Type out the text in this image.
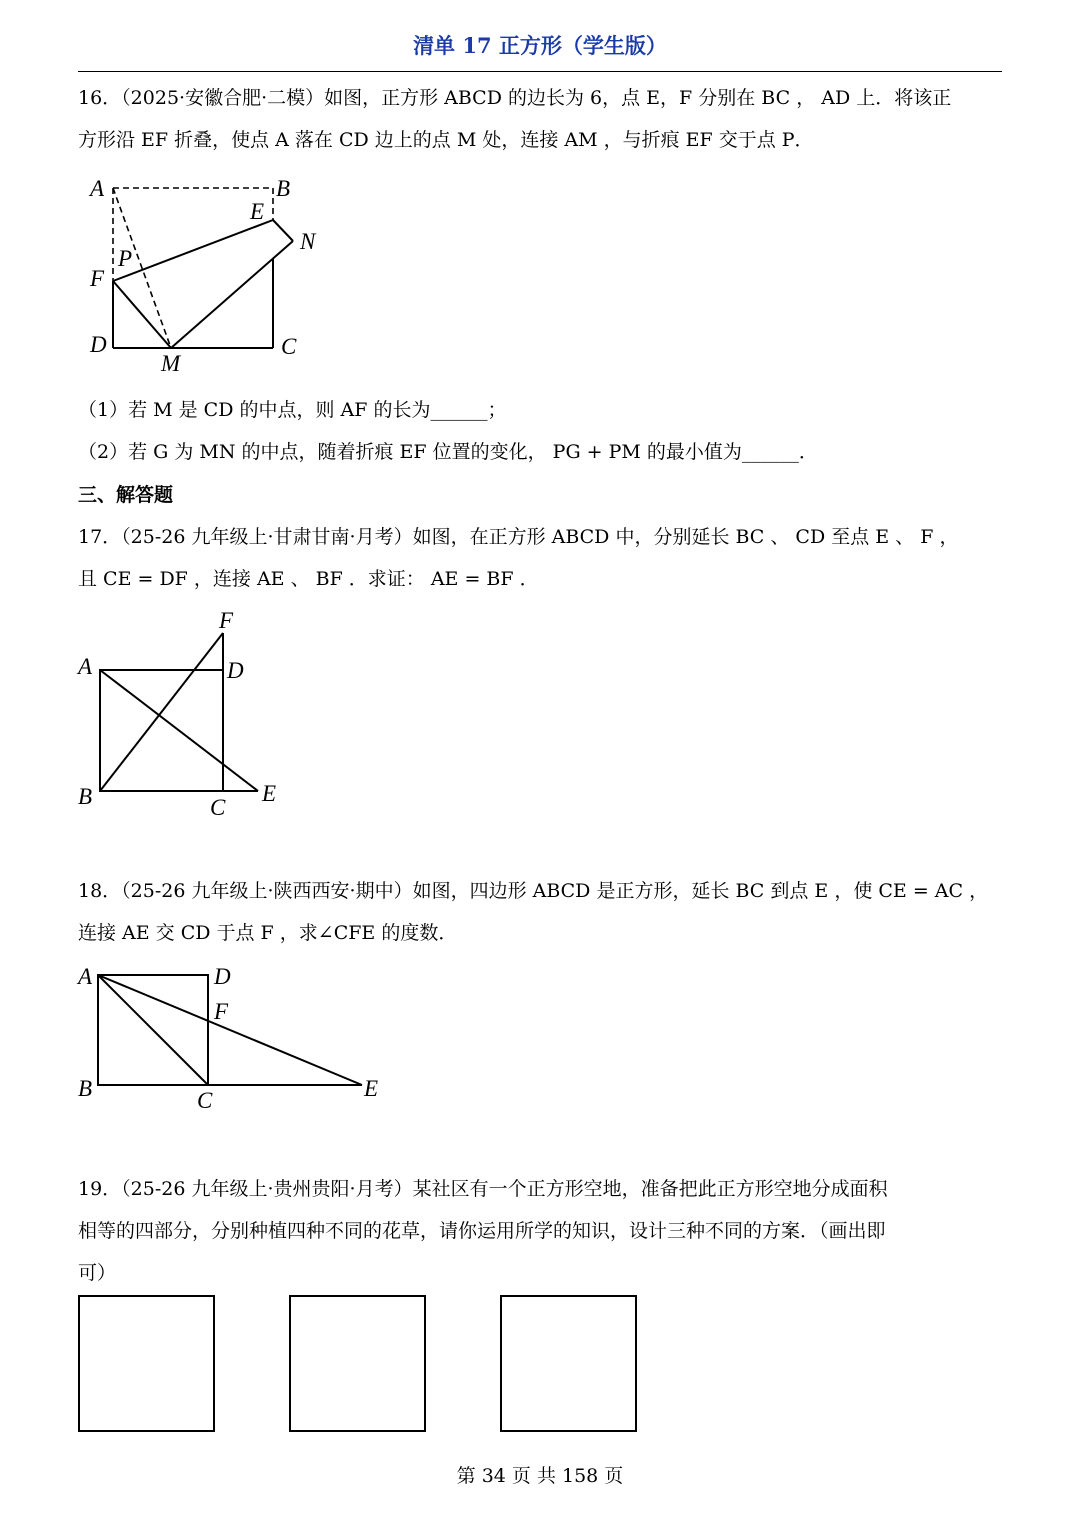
清单 17 正方形（学生版）
16．（2025·安徽合肥·二模）如图，正方形 ABCD 的边长为 6，点 E，F 分别在 BC ， AD 上．将该正
方形沿 EF 折叠，使点 A 落在 CD 边上的点 M 处，连接 AM ，与折痕 EF 交于点 P．
A	B
E
N
P
F
D
M
C
（1）若 M 是 CD 的中点，则 AF 的长为______；
（2）若 G 为 MN 的中点，随着折痕 EF 位置的变化， PG + PM 的最小值为______．
三、解答题
17．（25-26 九年级上·甘肃甘南·月考）如图，在正方形 ABCD 中，分别延长 BC 、 CD 至点 E 、 F ，
且 CE = DF ，连接 AE 、 BF ．求证： AE = BF ．
F
A	D
B	C
E
18．（25-26 九年级上·陕西西安·期中）如图，四边形 ABCD 是正方形，延长 BC 到点 E ，使 CE = AC ，
连接 AE 交 CD 于点 F ，求∠CFE 的度数．
A	D
F
B	C	E
19．（25-26 九年级上·贵州贵阳·月考）某社区有一个正方形空地，准备把此正方形空地分成面积
相等的四部分，分别种植四种不同的花草，请你运用所学的知识，设计三种不同的方案．（画出即
可）
第 34 页 共 158 页
